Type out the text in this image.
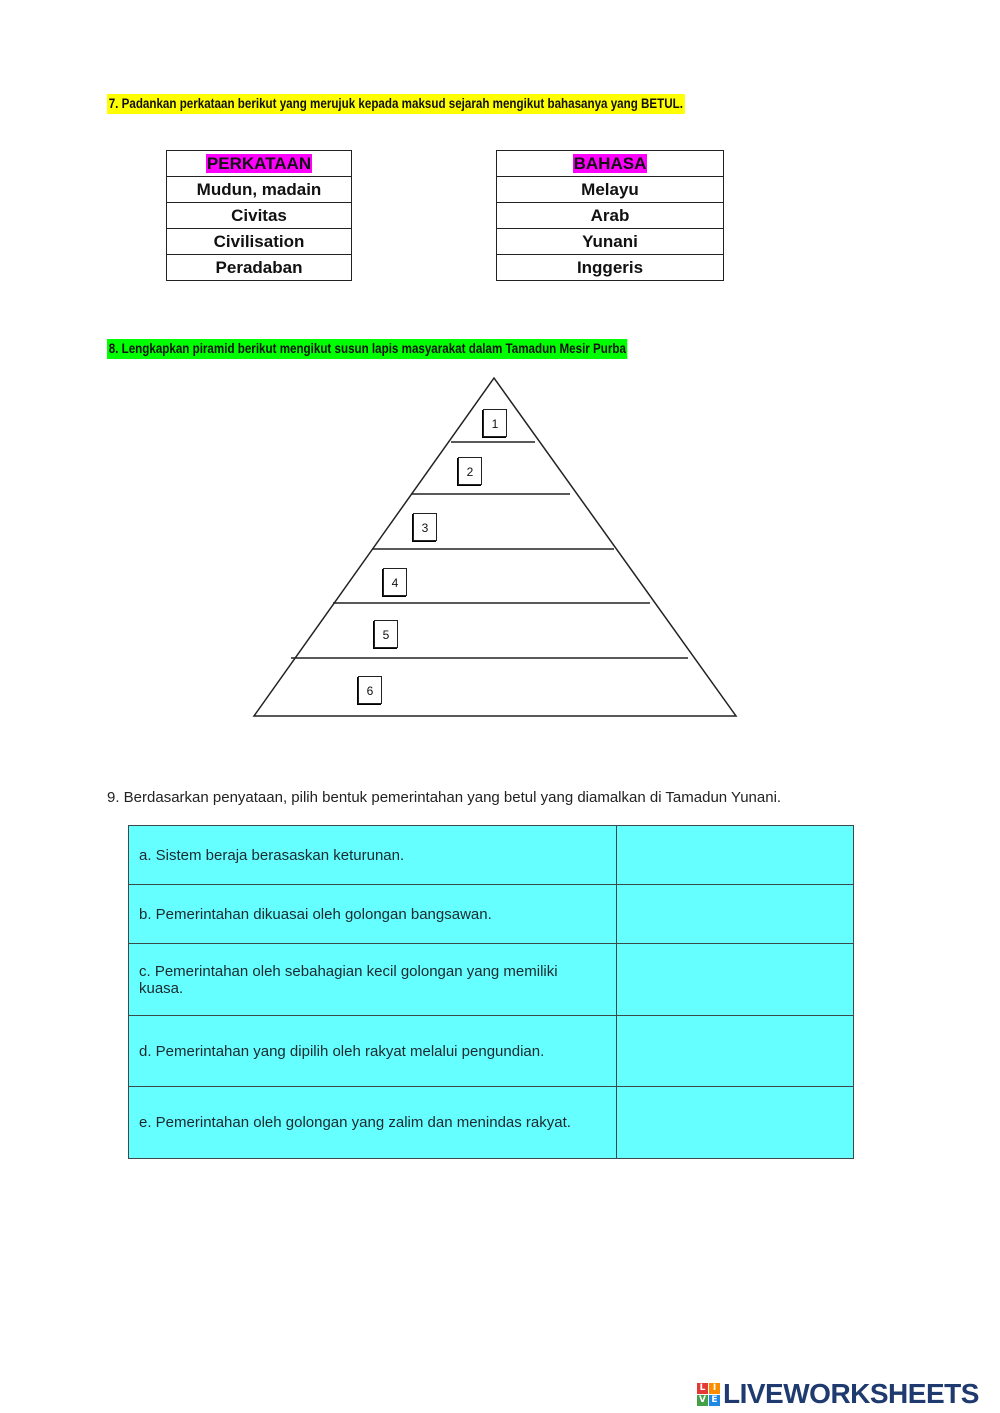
7. Padankan perkataan berikut yang merujuk kepada maksud sejarah mengikut bahasanya yang BETUL.
PERKATAAN
Mudun, madain
Civitas
Civilisation
Peradaban
BAHASA
Melayu
Arab
Yunani
Inggeris
8. Lengkapkan piramid berikut mengikut susun lapis masyarakat dalam Tamadun Mesir Purba
1
2
3
4
5
6
9. Berdasarkan penyataan, pilih bentuk pemerintahan yang betul yang diamalkan di Tamadun Yunani.
a. Sistem beraja berasaskan keturunan.	
b. Pemerintahan dikuasai oleh golongan bangsawan.	
c. Pemerintahan oleh sebahagian kecil golongan yang memiliki kuasa.	
d. Pemerintahan yang dipilih oleh rakyat melalui pengundian.	
e. Pemerintahan oleh golongan yang zalim dan menindas rakyat.	
L I
V E LIVEWORKSHEETS
